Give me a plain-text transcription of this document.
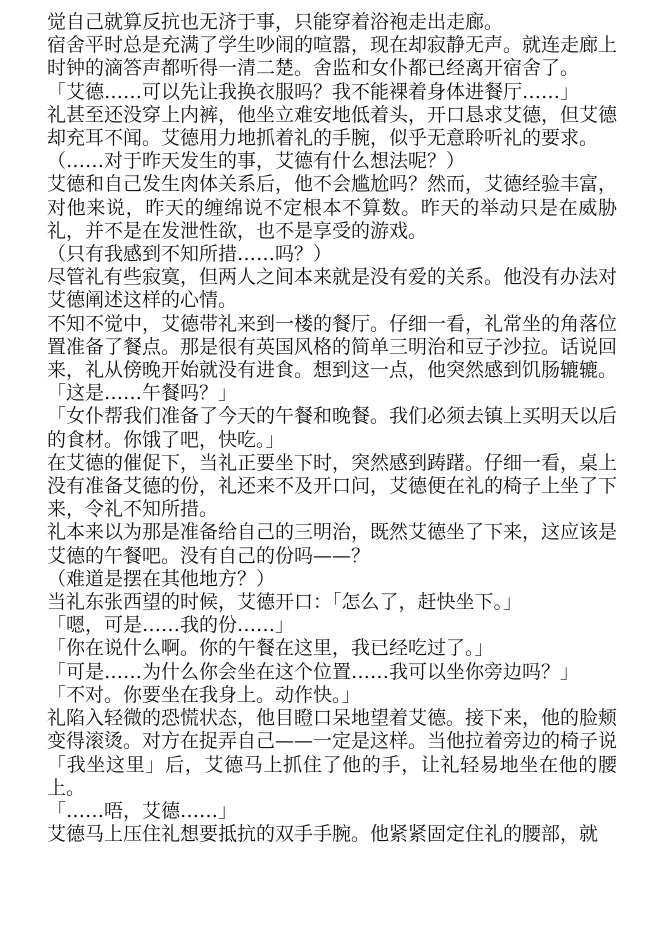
觉自己就算反抗也无济于事，只能穿着浴袍走出走廊。

宿舍平时总是充满了学生吵闹的喧嚣，现在却寂静无声。就连走廊上时钟的滴答声都听得一清二楚。舍监和女仆都已经离开宿舍了。

「艾德……可以先让我换衣服吗？我不能裸着身体进餐厅……」

礼甚至还没穿上内裤，他坐立难安地低着头，开口恳求艾德，但艾德却充耳不闻。艾德用力地抓着礼的手腕，似乎无意聆听礼的要求。

（……对于昨天发生的事，艾德有什么想法呢？）

艾德和自己发生肉体关系后，他不会尴尬吗？然而，艾德经验丰富，对他来说，昨天的缠绵说不定根本不算数。昨天的举动只是在威胁礼，并不是在发泄性欲，也不是享受的游戏。

（只有我感到不知所措……吗？）

尽管礼有些寂寞，但两人之间本来就是没有爱的关系。他没有办法对艾德阐述这样的心情。

不知不觉中，艾德带礼来到一楼的餐厅。仔细一看，礼常坐的角落位置准备了餐点。那是很有英国风格的简单三明治和豆子沙拉。话说回来，礼从傍晚开始就没有进食。想到这一点，他突然感到饥肠辘辘。

「这是……午餐吗？」

「女仆帮我们准备了今天的午餐和晚餐。我们必须去镇上买明天以后的食材。你饿了吧，快吃。」

在艾德的催促下，当礼正要坐下时，突然感到踌躇。仔细一看，桌上没有准备艾德的份，礼还来不及开口问，艾德便在礼的椅子上坐了下来，令礼不知所措。

礼本来以为那是准备给自己的三明治，既然艾德坐了下来，这应该是艾德的午餐吧。没有自己的份吗——？

（难道是摆在其他地方？）

当礼东张西望的时候，艾德开口：「怎么了，赶快坐下。」

「嗯，可是……我的份……」

「你在说什么啊。你的午餐在这里，我已经吃过了。」

「可是……为什么你会坐在这个位置……我可以坐你旁边吗？」

「不对。你要坐在我身上。动作快。」

礼陷入轻微的恐慌状态，他目瞪口呆地望着艾德。接下来，他的脸颊变得滚烫。对方在捉弄自己——一定是这样。当他拉着旁边的椅子说「我坐这里」后，艾德马上抓住了他的手，让礼轻易地坐在他的腰上。

「……唔，艾德……」

艾德马上压住礼想要抵抗的双手手腕。他紧紧固定住礼的腰部，就
